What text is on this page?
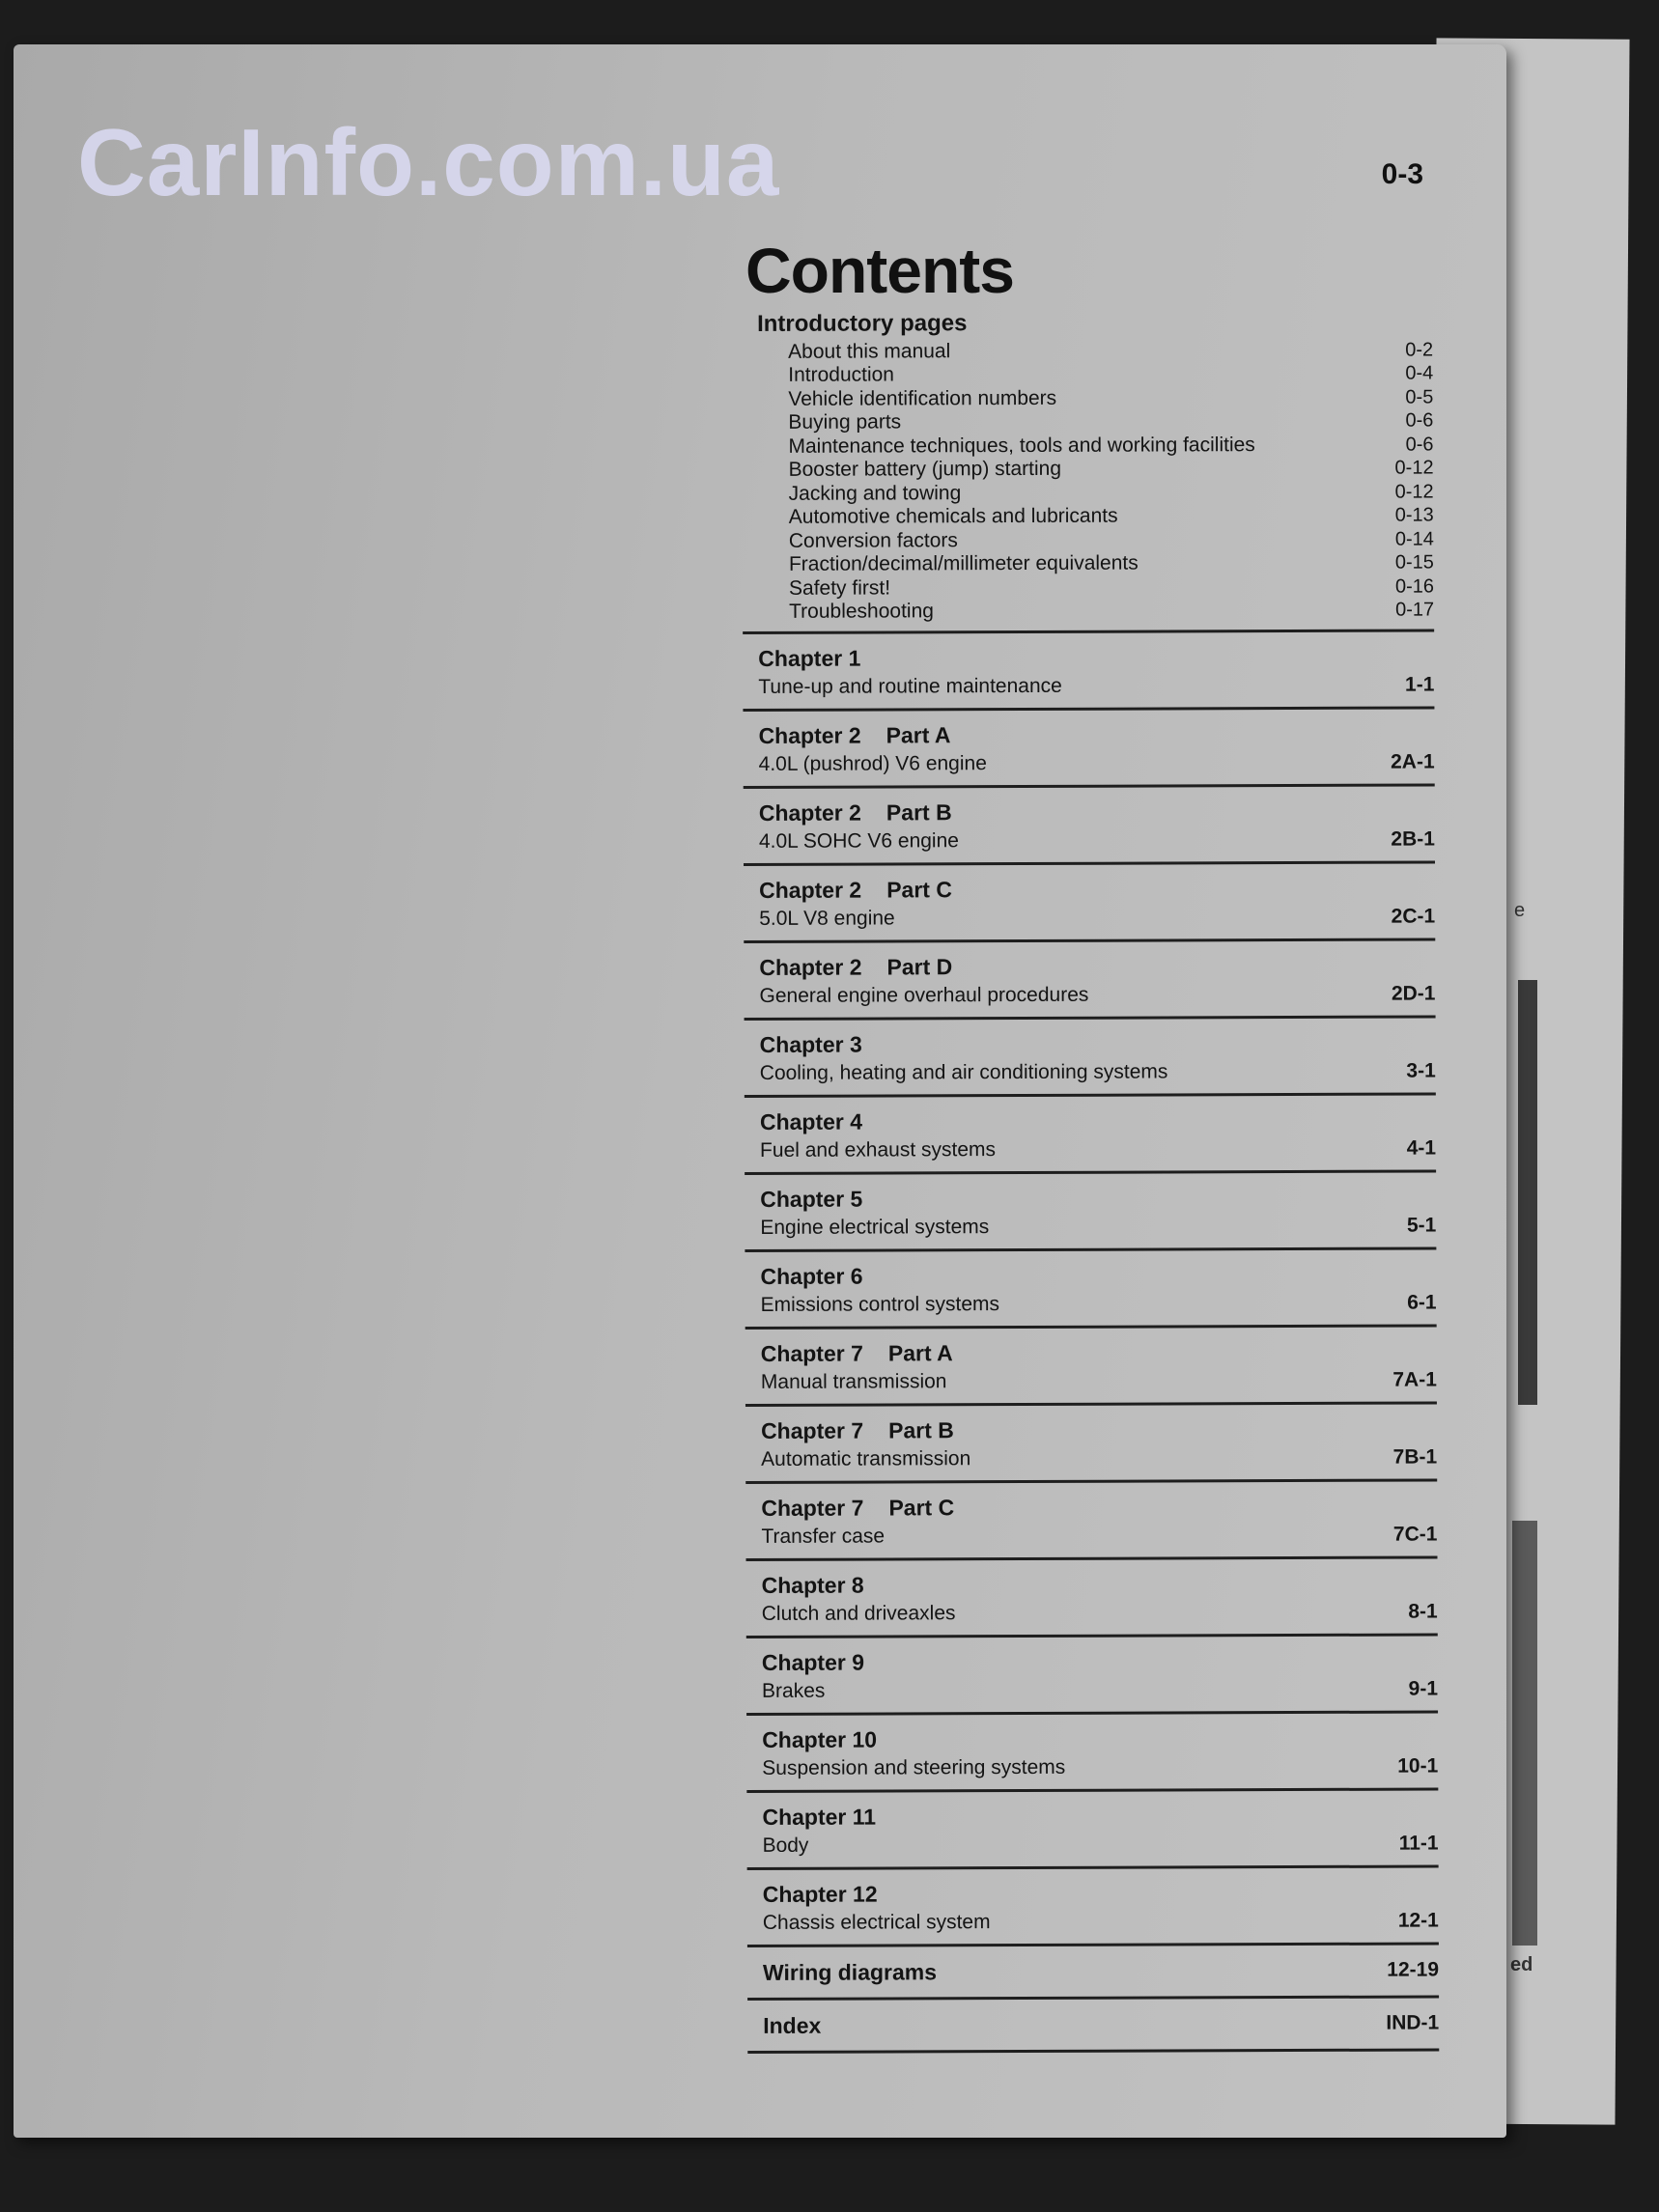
e
ed
CarInfo.com.ua	0-3
Contents
Introductory pages
About this manual	0-2
Introduction	0-4
Vehicle identification numbers	0-5
Buying parts	0-6
Maintenance techniques, tools and working facilities	0-6
Booster battery (jump) starting	0-12
Jacking and towing	0-12
Automotive chemicals and lubricants	0-13
Conversion factors	0-14
Fraction/decimal/millimeter equivalents	0-15
Safety first!	0-16
Troubleshooting	0-17
Chapter 1
Tune-up and routine maintenance	1-1
Chapter 2 Part A
4.0L (pushrod) V6 engine	2A-1
Chapter 2 Part B
4.0L SOHC V6 engine	2B-1
Chapter 2 Part C
5.0L V8 engine	2C-1
Chapter 2 Part D
General engine overhaul procedures	2D-1
Chapter 3
Cooling, heating and air conditioning systems	3-1
Chapter 4
Fuel and exhaust systems	4-1
Chapter 5
Engine electrical systems	5-1
Chapter 6
Emissions control systems	6-1
Chapter 7 Part A
Manual transmission	7A-1
Chapter 7 Part B
Automatic transmission	7B-1
Chapter 7 Part C
Transfer case	7C-1
Chapter 8
Clutch and driveaxles	8-1
Chapter 9
Brakes	9-1
Chapter 10
Suspension and steering systems	10-1
Chapter 11
Body	11-1
Chapter 12
Chassis electrical system	12-1
Wiring diagrams	12-19
Index	IND-1
